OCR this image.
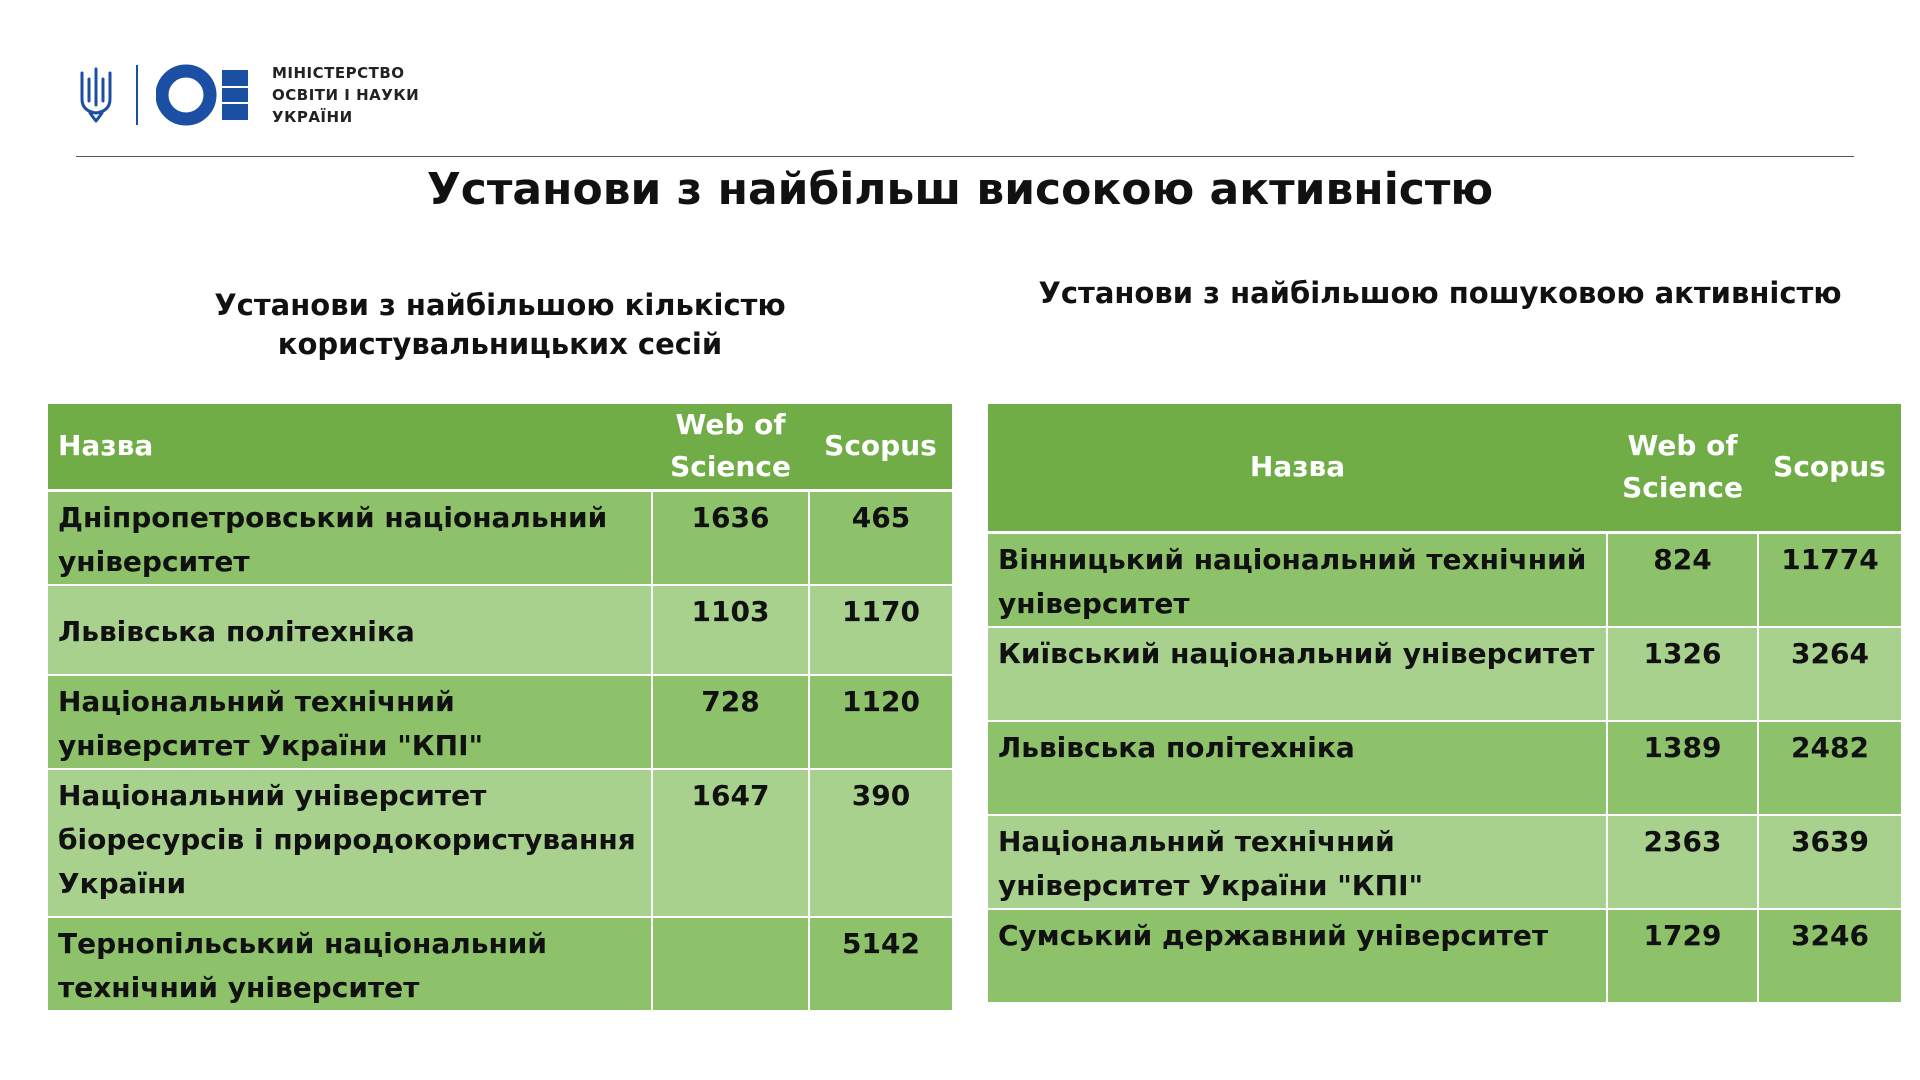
МІНІСТЕРСТВО
ОСВІТИ І НАУКИ
УКРАЇНИ
Установи з найбільш високою активністю
Установи з найбільшою кількістю
користувальницьких сесій
Установи з найбільшою пошуковою активністю
Назва	Web of Science	Scopus
Дніпропетровський національний університет	1636	465
Львівська політехніка	1103	1170
Національний технічний університет України "КПІ"	728	1120
Національний університет біоресурсів і природокористування України	1647	390
Тернопільський національний технічний університет		5142
Назва	Web of Science	Scopus
Вінницький національний технічний університет	824	11774
Київський національний університет	1326	3264
Львівська політехніка	1389	2482
Національний технічний університет України "КПІ"	2363	3639
Сумський державний університет	1729	3246
